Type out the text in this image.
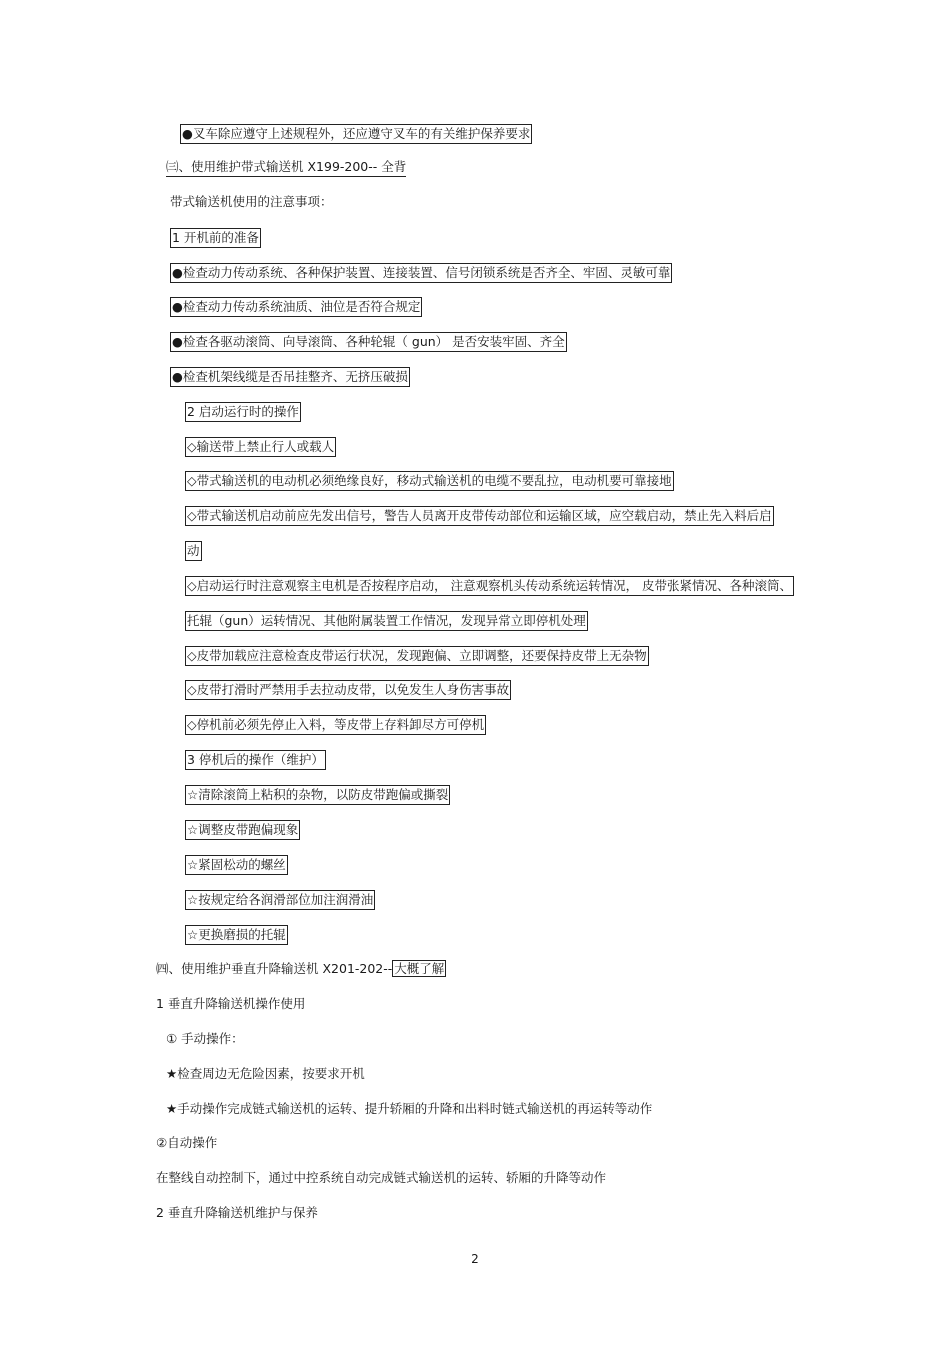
●叉车除应遵守上述规程外，还应遵守叉车的有关维护保养要求
㈢、使用维护带式输送机 X199-200-- 全背
带式输送机使用的注意事项：
1 开机前的准备
●检查动力传动系统、各种保护装置、连接装置、信号闭锁系统是否齐全、牢固、灵敏可靠
●检查动力传动系统油质、油位是否符合规定
●检查各驱动滚筒、向导滚筒、各种轮辊（ gun） 是否安装牢固、齐全
●检查机架线缆是否吊挂整齐、无挤压破损
2 启动运行时的操作
◇输送带上禁止行人或载人
◇带式输送机的电动机必须绝缘良好，移动式输送机的电缆不要乱拉，电动机要可靠接地
◇带式输送机启动前应先发出信号，警告人员离开皮带传动部位和运输区域，应空载启动，禁止先入料后启
动
◇启动运行时注意观察主电机是否按程序启动， 注意观察机头传动系统运转情况， 皮带张紧情况、各种滚筒、
托辊（gun）运转情况、其他附属装置工作情况，发现异常立即停机处理
◇皮带加载应注意检查皮带运行状况，发现跑偏、立即调整，还要保持皮带上无杂物
◇皮带打滑时严禁用手去拉动皮带，以免发生人身伤害事故
◇停机前必须先停止入料，等皮带上存料卸尽方可停机
3 停机后的操作（维护）
☆清除滚筒上粘积的杂物，以防皮带跑偏或撕裂
☆调整皮带跑偏现象
☆紧固松动的螺丝
☆按规定给各润滑部位加注润滑油
☆更换磨损的托辊
㈣、使用维护垂直升降输送机 X201-202-- 大概了解
1 垂直升降输送机操作使用
① 手动操作：
★检查周边无危险因素，按要求开机
★手动操作完成链式输送机的运转、提升轿厢的升降和出料时链式输送机的再运转等动作
②自动操作
在整线自动控制下，通过中控系统自动完成链式输送机的运转、轿厢的升降等动作
2 垂直升降输送机维护与保养
2
